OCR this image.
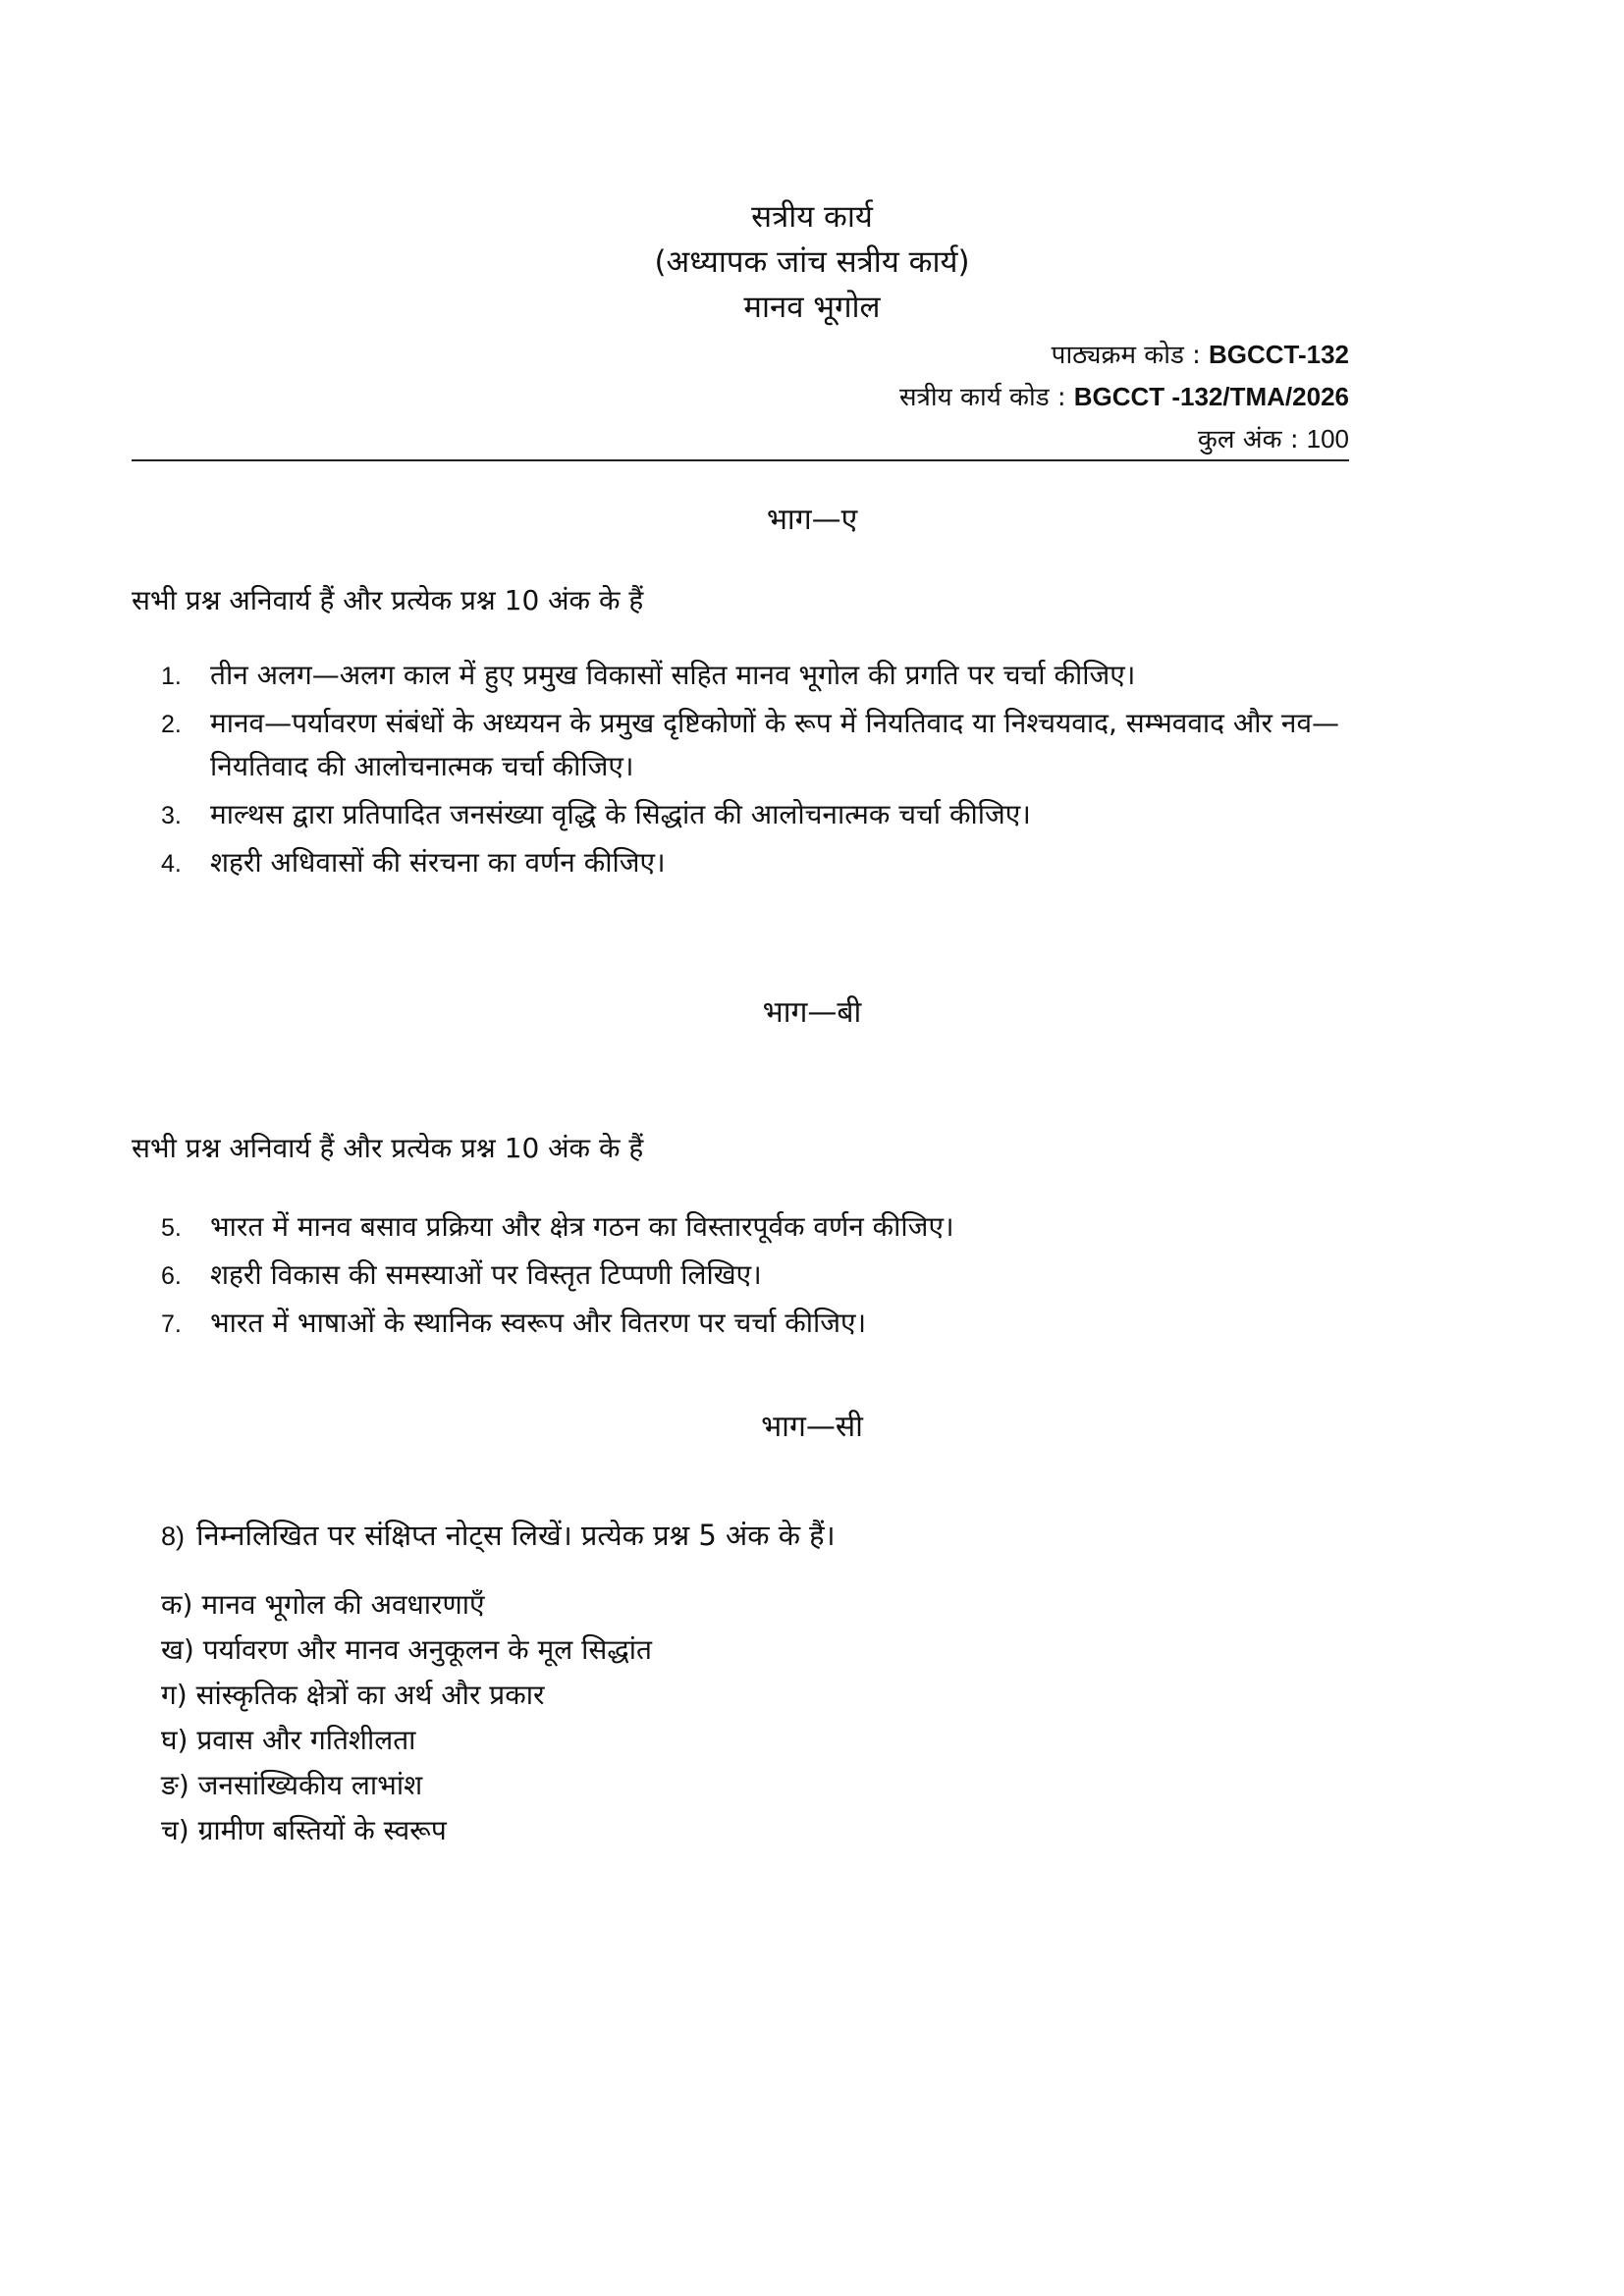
सत्रीय कार्य
(अध्यापक जांच सत्रीय कार्य)
मानव भूगोल
पाठ्यक्रम कोड : BGCCT-132
सत्रीय कार्य कोड : BGCCT -132/TMA/2026
कुल अंक : 100
भाग—ए
सभी प्रश्न अनिवार्य हैं और प्रत्येक प्रश्न 10 अंक के हैं
1. तीन अलग—अलग काल में हुए प्रमुख विकासों सहित मानव भूगोल की प्रगति पर चर्चा कीजिए।
2. मानव—पर्यावरण संबंधों के अध्ययन के प्रमुख दृष्टिकोणों के रूप में नियतिवाद या निश्चयवाद, सम्भववाद और नव—नियतिवाद की आलोचनात्मक चर्चा कीजिए।
3. माल्थस द्वारा प्रतिपादित जनसंख्या वृद्धि के सिद्धांत की आलोचनात्मक चर्चा कीजिए।
4. शहरी अधिवासों की संरचना का वर्णन कीजिए।
भाग—बी
सभी प्रश्न अनिवार्य हैं और प्रत्येक प्रश्न 10 अंक के हैं
5. भारत में मानव बसाव प्रक्रिया और क्षेत्र गठन का विस्तारपूर्वक वर्णन कीजिए।
6. शहरी विकास की समस्याओं पर विस्तृत टिप्पणी लिखिए।
7. भारत में भाषाओं के स्थानिक स्वरूप और वितरण पर चर्चा कीजिए।
भाग—सी
8) निम्नलिखित पर संक्षिप्त नोट्स लिखें। प्रत्येक प्रश्न 5 अंक के हैं।
क) मानव भूगोल की अवधारणाएँ
ख) पर्यावरण और मानव अनुकूलन के मूल सिद्धांत
ग) सांस्कृतिक क्षेत्रों का अर्थ और प्रकार
घ) प्रवास और गतिशीलता
ङ) जनसांख्यिकीय लाभांश
च) ग्रामीण बस्तियों के स्वरूप
